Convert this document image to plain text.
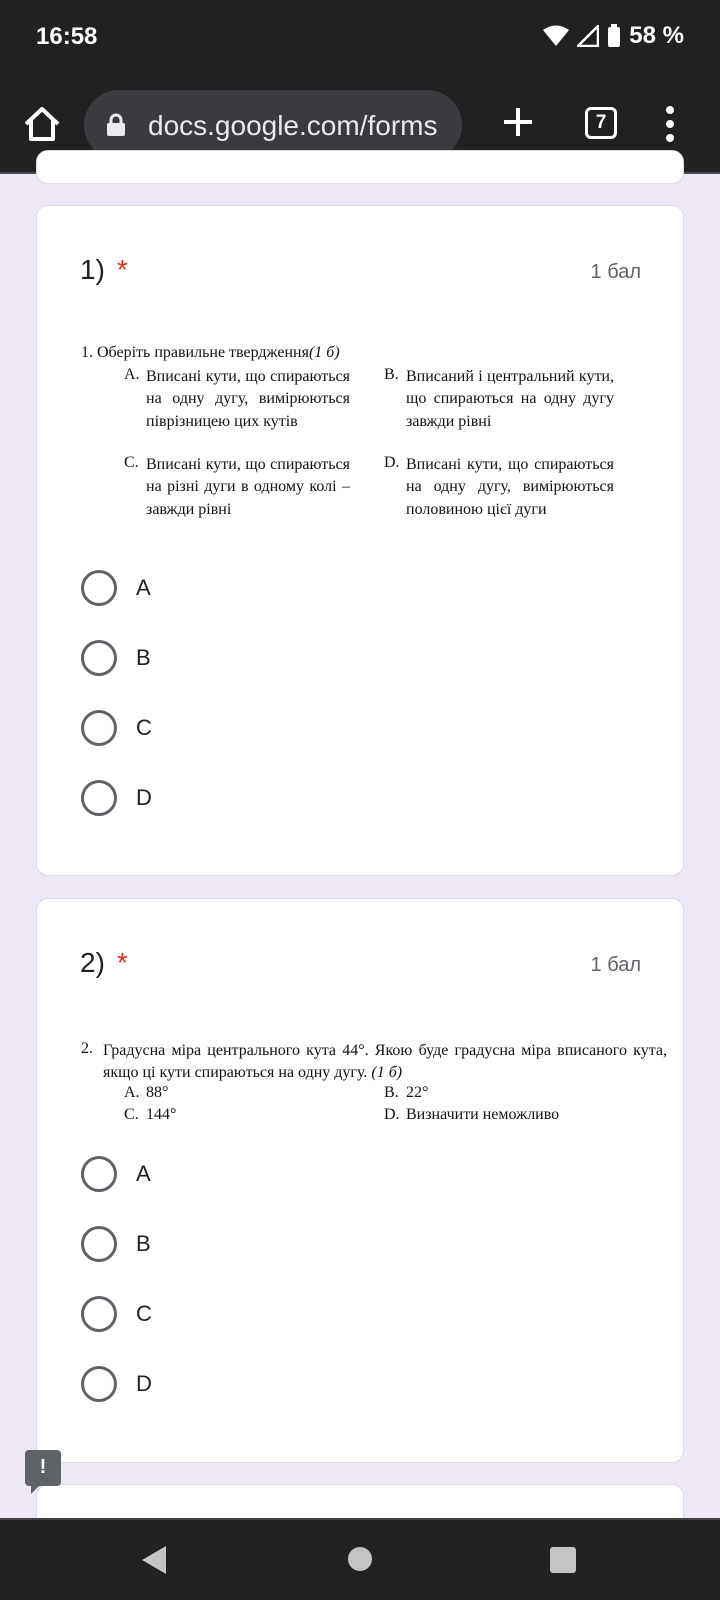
16:58	58 %
docs.google.com/forms	7
1) *	1 бал
1. Оберіть правильне твердження(1 б)
A. Вписані кути, що спираються на одну дугу, вимірюються піврізницею цих кутів
B. Вписаний і центральний кути, що спираються на одну дугу завжди рівні
C. Вписані кути, що спираються на різні дуги в одному колі – завжди рівні
D. Вписані кути, що спираються на одну дугу, вимірюються половиною цієї дуги
A
B
C
D
2) *	1 бал
2. Градусна міра центрального кута 44°. Якою буде градусна міра вписаного кута, якщо ці кути спираються на одну дугу. (1 б)
A. 88°	B. 22°
C. 144°	D. Визначити неможливо
A
B
C
D
!
